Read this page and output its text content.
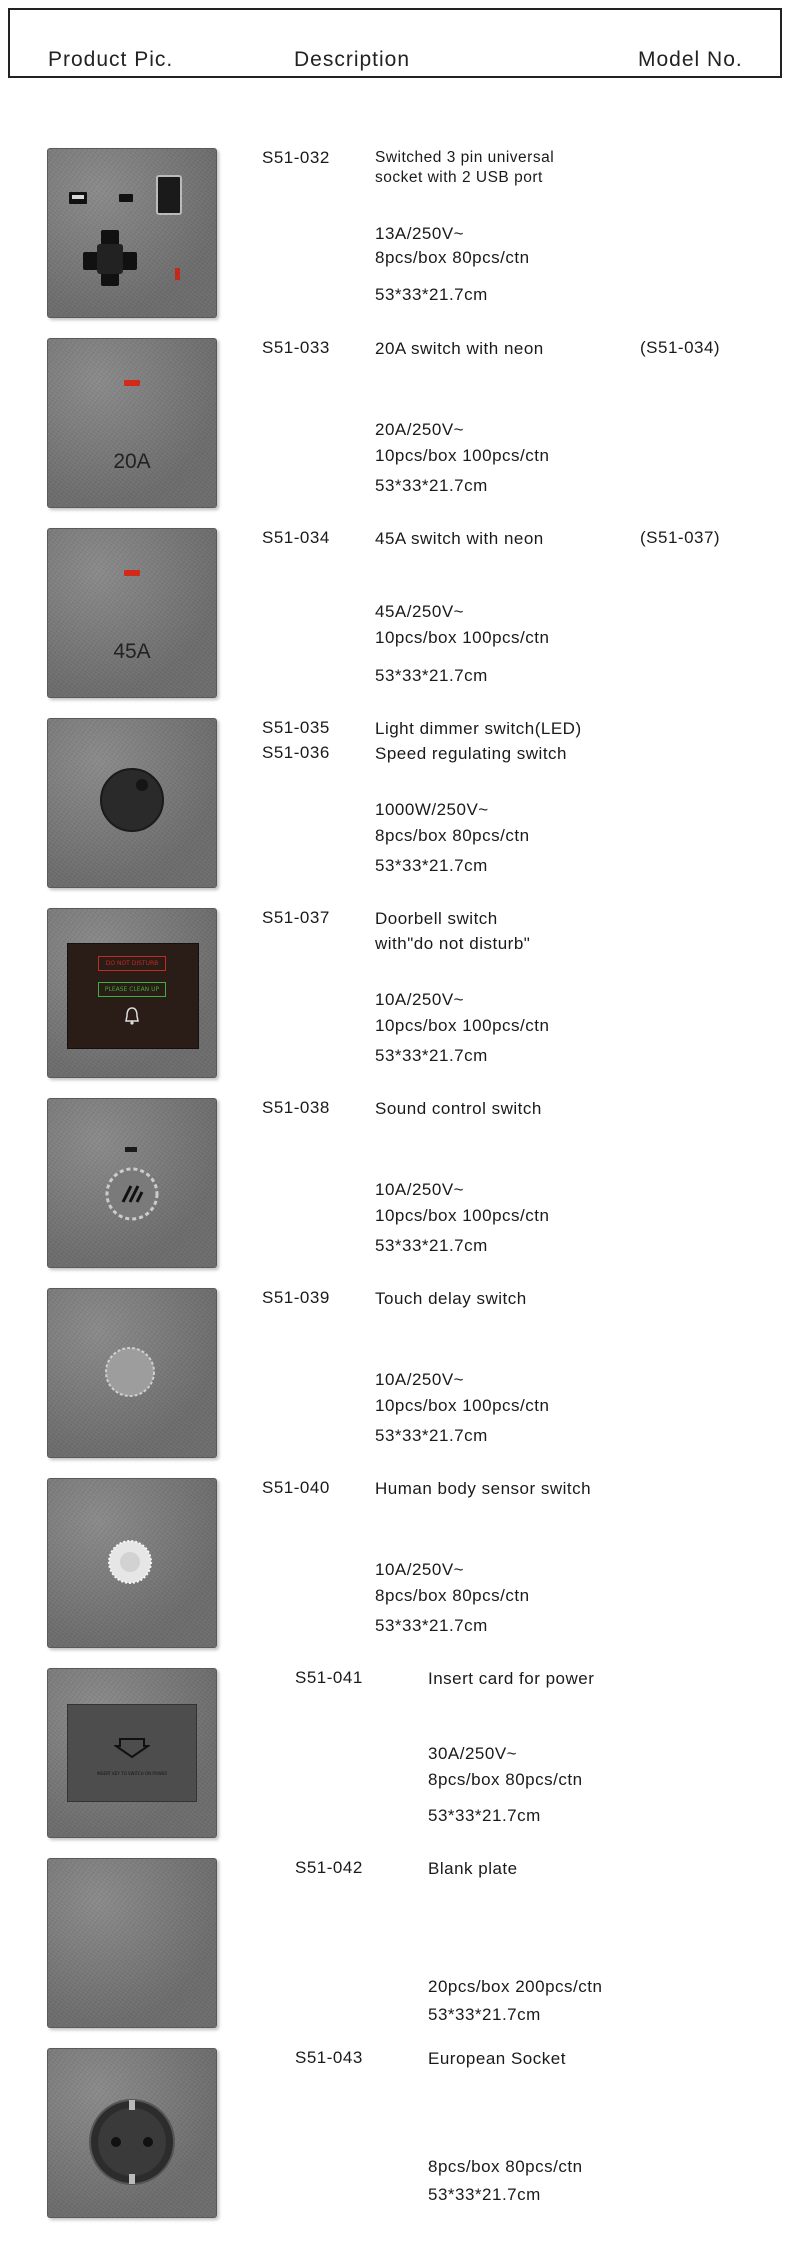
Product Pic.	Description	Model No.
S51-032	Switched 3 pin universal
socket with 2 USB port
13A/250V~
8pcs/box 80pcs/ctn
53*33*21.7cm
20A
S51-033	20A switch with neon	(S51-034)
20A/250V~
10pcs/box 100pcs/ctn
53*33*21.7cm
45A
S51-034	45A switch with neon	(S51-037)
45A/250V~
10pcs/box 100pcs/ctn
53*33*21.7cm
S51-035
S51-036
Light dimmer switch(LED)
Speed regulating switch
1000W/250V~
8pcs/box 80pcs/ctn
53*33*21.7cm
DO NOT DISTURB
PLEASE CLEAN UP
S51-037	Doorbell switch
with"do not disturb"
10A/250V~
10pcs/box 100pcs/ctn
53*33*21.7cm
S51-038	Sound control switch
10A/250V~
10pcs/box 100pcs/ctn
53*33*21.7cm
S51-039	Touch delay switch
10A/250V~
10pcs/box 100pcs/ctn
53*33*21.7cm
S51-040	Human body sensor switch
10A/250V~
8pcs/box 80pcs/ctn
53*33*21.7cm
INSERT KEY TO SWITCH ON POWER
S51-041	Insert card for power
30A/250V~
8pcs/box 80pcs/ctn
53*33*21.7cm
S51-042	Blank plate
20pcs/box 200pcs/ctn
53*33*21.7cm
S51-043	European Socket
8pcs/box 80pcs/ctn
53*33*21.7cm
